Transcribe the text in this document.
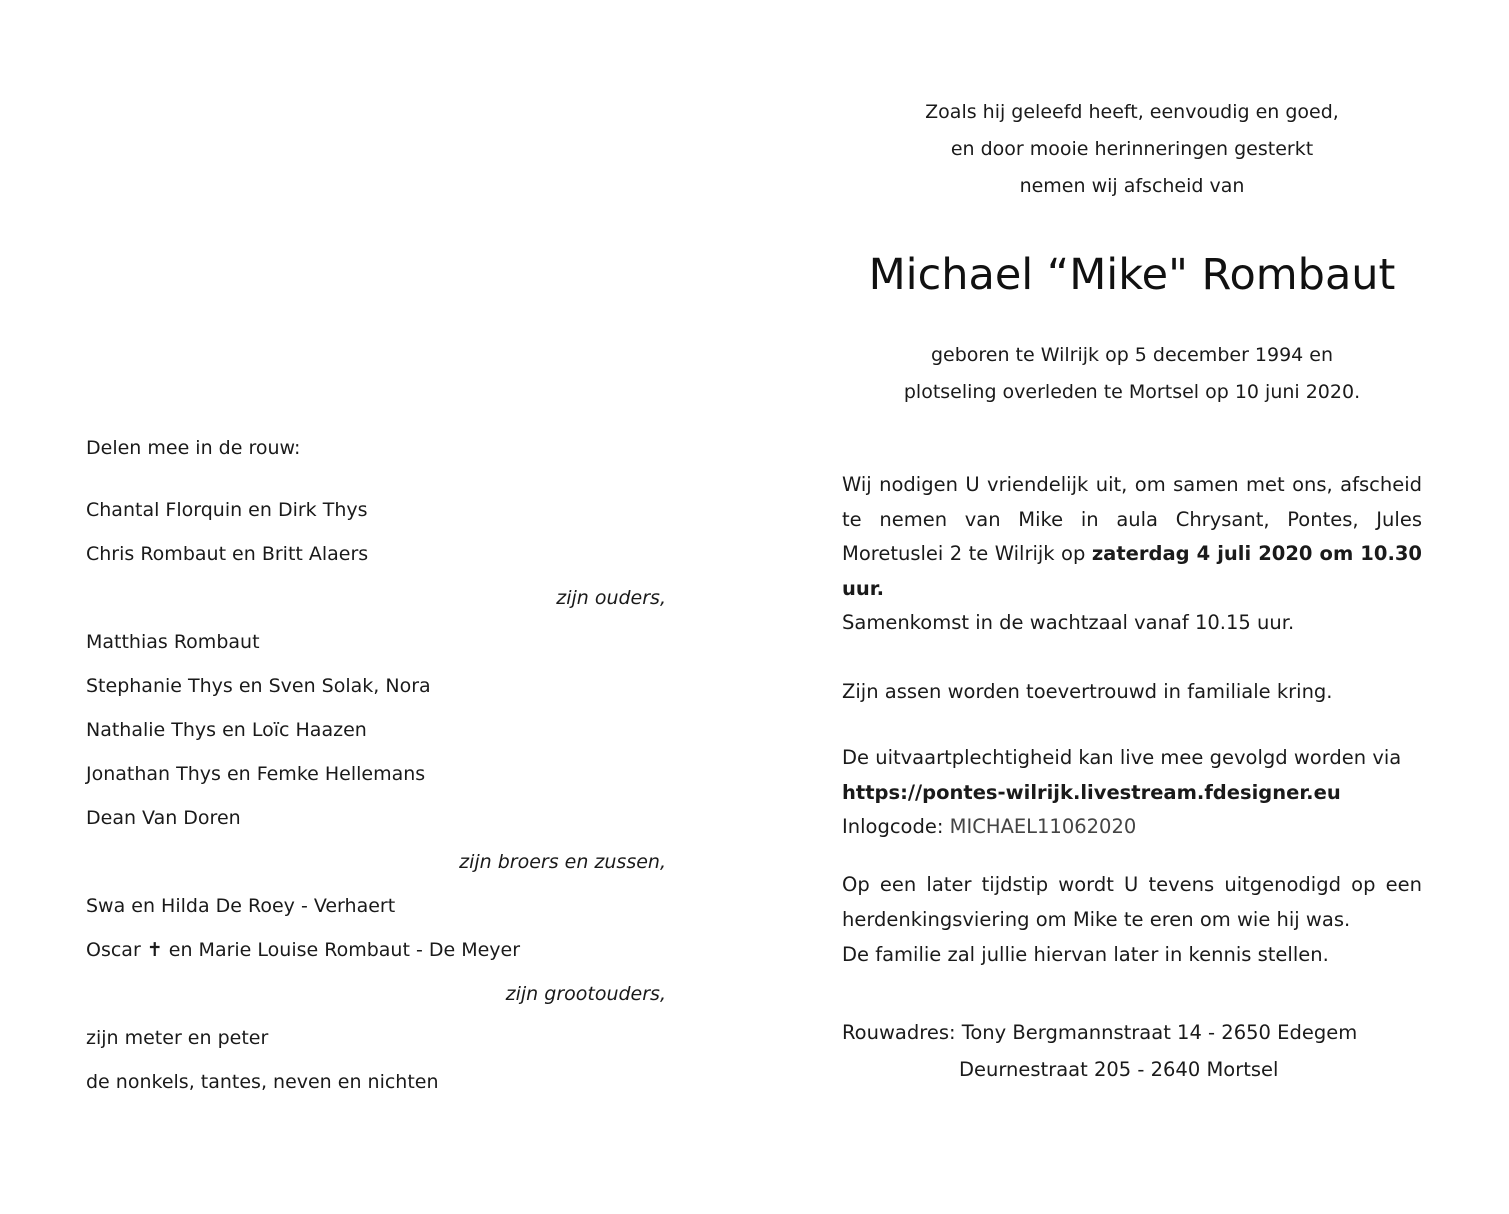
Delen mee in de rouw:
Chantal Florquin en Dirk Thys
Chris Rombaut en Britt Alaers
zijn ouders,
Matthias Rombaut
Stephanie Thys en Sven Solak, Nora
Nathalie Thys en Loïc Haazen
Jonathan Thys en Femke Hellemans
Dean Van Doren
zijn broers en zussen,
Swa en Hilda De Roey - Verhaert
Oscar ✝ en Marie Louise Rombaut - De Meyer
zijn grootouders,
zijn meter en peter
de nonkels, tantes, neven en nichten
Zoals hij geleefd heeft, eenvoudig en goed,
en door mooie herinneringen gesterkt
nemen wij afscheid van
Michael “Mike" Rombaut
geboren te Wilrijk op 5 december 1994 en
plotseling overleden te Mortsel op 10 juni 2020.
Wij nodigen U vriendelijk uit, om samen met ons, afscheid te nemen van Mike in aula Chrysant, Pontes, Jules Moretuslei 2 te Wilrijk op zaterdag 4 juli 2020 om 10.30 uur.
Samenkomst in de wachtzaal vanaf 10.15 uur.
Zijn assen worden toevertrouwd in familiale kring.
De uitvaartplechtigheid kan live mee gevolgd worden via
https://pontes-wilrijk.livestream.fdesigner.eu
Inlogcode: MICHAEL11062020
Op een later tijdstip wordt U tevens uitgenodigd op een herdenkingsviering om Mike te eren om wie hij was.
De familie zal jullie hiervan later in kennis stellen.
Rouwadres: Tony Bergmannstraat 14 - 2650 Edegem
Deurnestraat 205 - 2640 Mortsel
